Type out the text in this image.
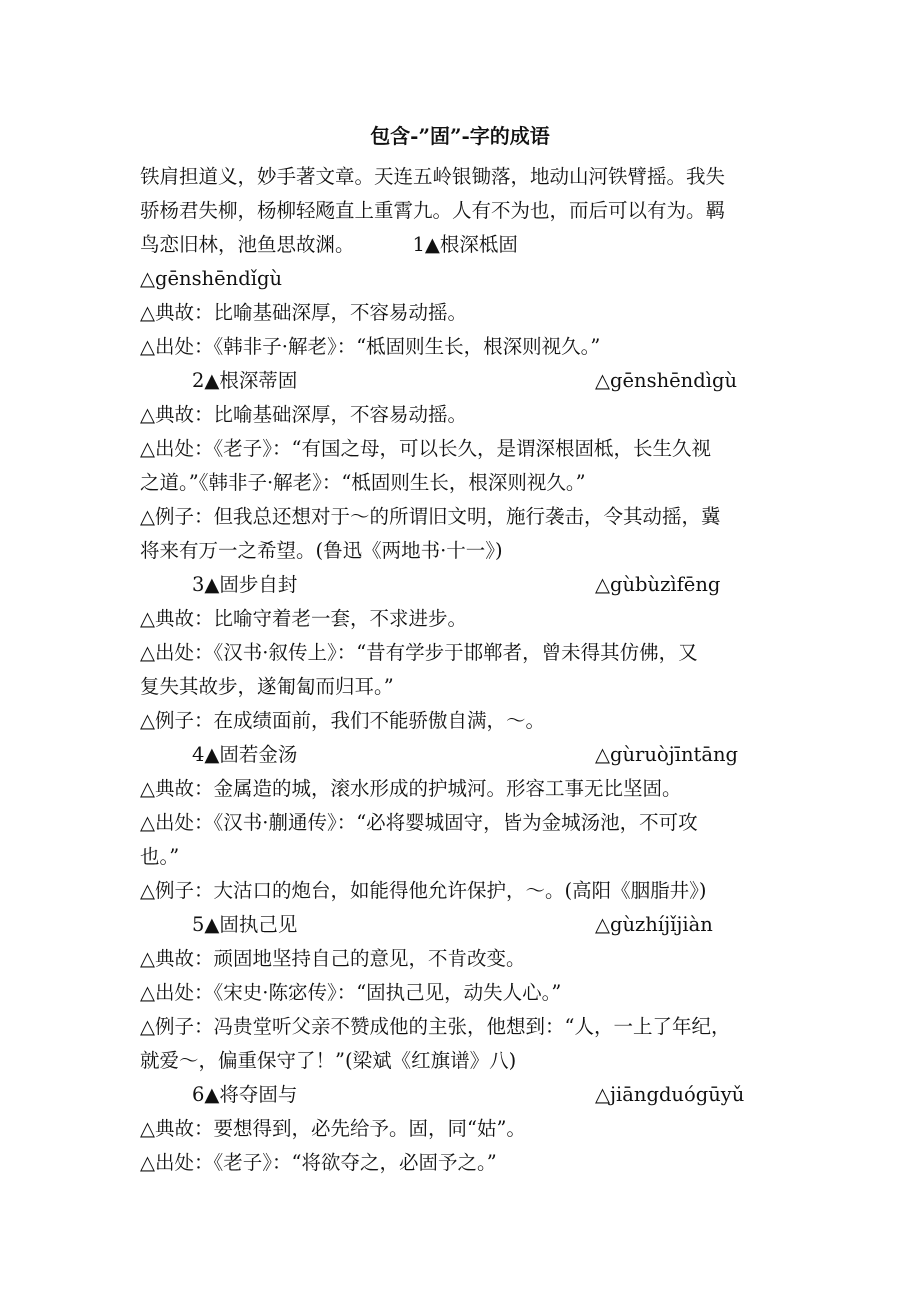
包含-”固”-字的成语
铁肩担道义，妙手著文章。天连五岭银锄落，地动山河铁臂摇。我失
骄杨君失柳，杨柳轻飏直上重霄九。人有不为也，而后可以有为。羁
鸟恋旧林，池鱼思故渊。	1▲根深柢固
△gēnshēndǐgù
△典故：比喻基础深厚，不容易动摇。
△出处：《韩非子·解老》：“柢固则生长，根深则视久。”
2▲根深蒂固	△gēnshēndìgù
△典故：比喻基础深厚，不容易动摇。
△出处：《老子》：“有国之母，可以长久，是谓深根固柢，长生久视
之道。”《韩非子·解老》：“柢固则生长，根深则视久。”
△例子：但我总还想对于～的所谓旧文明，施行袭击，令其动摇，冀
将来有万一之希望。(鲁迅《两地书·十一》)
3▲固步自封	△gùbùzìfēng
△典故：比喻守着老一套，不求进步。
△出处：《汉书·叙传上》：“昔有学步于邯郸者，曾未得其仿佛，又
复失其故步，遂匍匐而归耳。”
△例子：在成绩面前，我们不能骄傲自满，～。
4▲固若金汤	△gùruòjīntāng
△典故：金属造的城，滚水形成的护城河。形容工事无比坚固。
△出处：《汉书·蒯通传》：“必将婴城固守，皆为金城汤池，不可攻
也。”
△例子：大沽口的炮台，如能得他允许保护，～。(高阳《胭脂井》)
5▲固执己见	△gùzhíjǐjiàn
△典故：顽固地坚持自己的意见，不肯改变。
△出处：《宋史·陈宓传》：“固执己见，动失人心。”
△例子：冯贵堂听父亲不赞成他的主张，他想到：“人，一上了年纪，
就爱～，偏重保守了！”(梁斌《红旗谱》八)
6▲将夺固与	△jiāngduógūyǔ
△典故：要想得到，必先给予。固，同“姑”。
△出处：《老子》：“将欲夺之，必固予之。”
